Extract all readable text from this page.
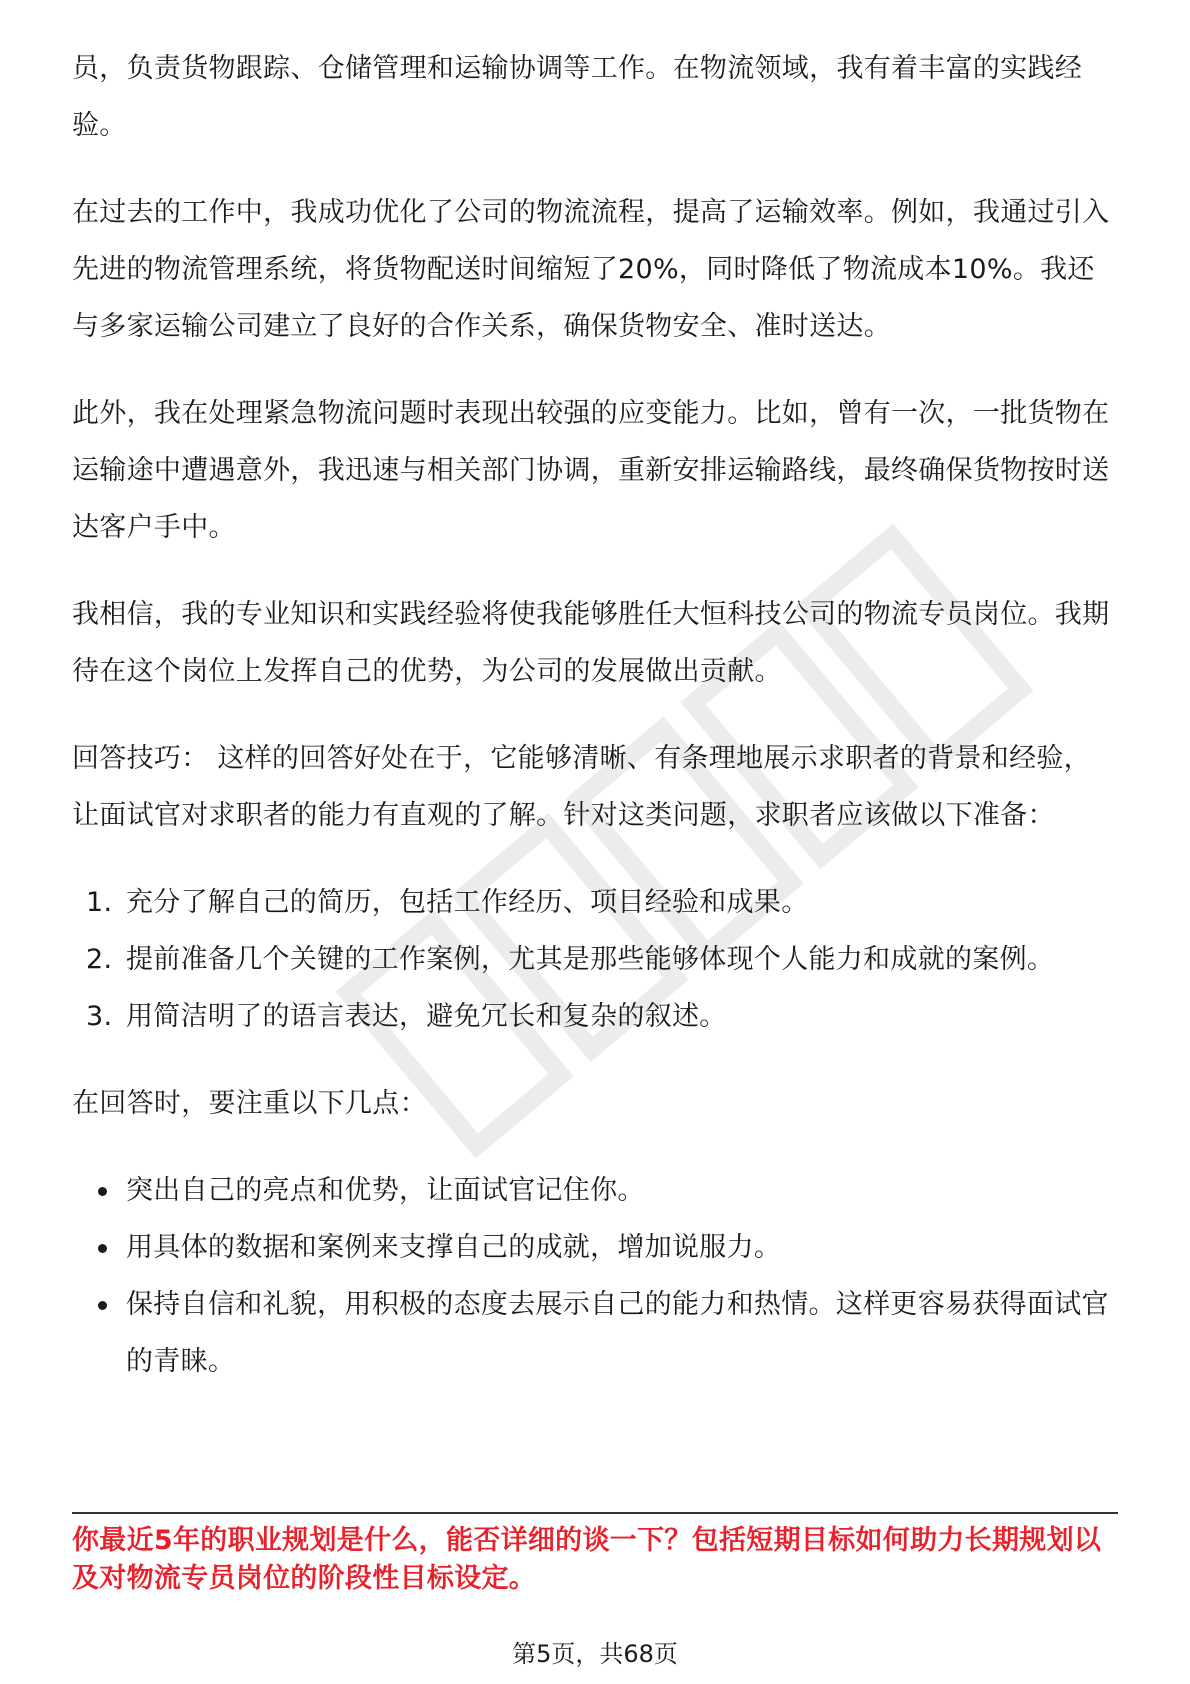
员，负责货物跟踪、仓储管理和运输协调等工作。在物流领域，我有着丰富的实践经验。

在过去的工作中，我成功优化了公司的物流流程，提高了运输效率。例如，我通过引入先进的物流管理系统，将货物配送时间缩短了20%，同时降低了物流成本10%。我还与多家运输公司建立了良好的合作关系，确保货物安全、准时送达。

此外，我在处理紧急物流问题时表现出较强的应变能力。比如，曾有一次，一批货物在运输途中遭遇意外，我迅速与相关部门协调，重新安排运输路线，最终确保货物按时送达客户手中。

我相信，我的专业知识和实践经验将使我能够胜任大恒科技公司的物流专员岗位。我期待在这个岗位上发挥自己的优势，为公司的发展做出贡献。

回答技巧： 这样的回答好处在于，它能够清晰、有条理地展示求职者的背景和经验，让面试官对求职者的能力有直观的了解。针对这类问题，求职者应该做以下准备：

1. 充分了解自己的简历，包括工作经历、项目经验和成果。
2. 提前准备几个关键的工作案例，尤其是那些能够体现个人能力和成就的案例。
3. 用简洁明了的语言表达，避免冗长和复杂的叙述。

在回答时，要注重以下几点：

突出自己的亮点和优势，让面试官记住你。
用具体的数据和案例来支撑自己的成就，增加说服力。
保持自信和礼貌，用积极的态度去展示自己的能力和热情。这样更容易获得面试官的青睐。
你最近5年的职业规划是什么，能否详细的谈一下？包括短期目标如何助力长期规划以及对物流专员岗位的阶段性目标设定。
第5页，共68页
